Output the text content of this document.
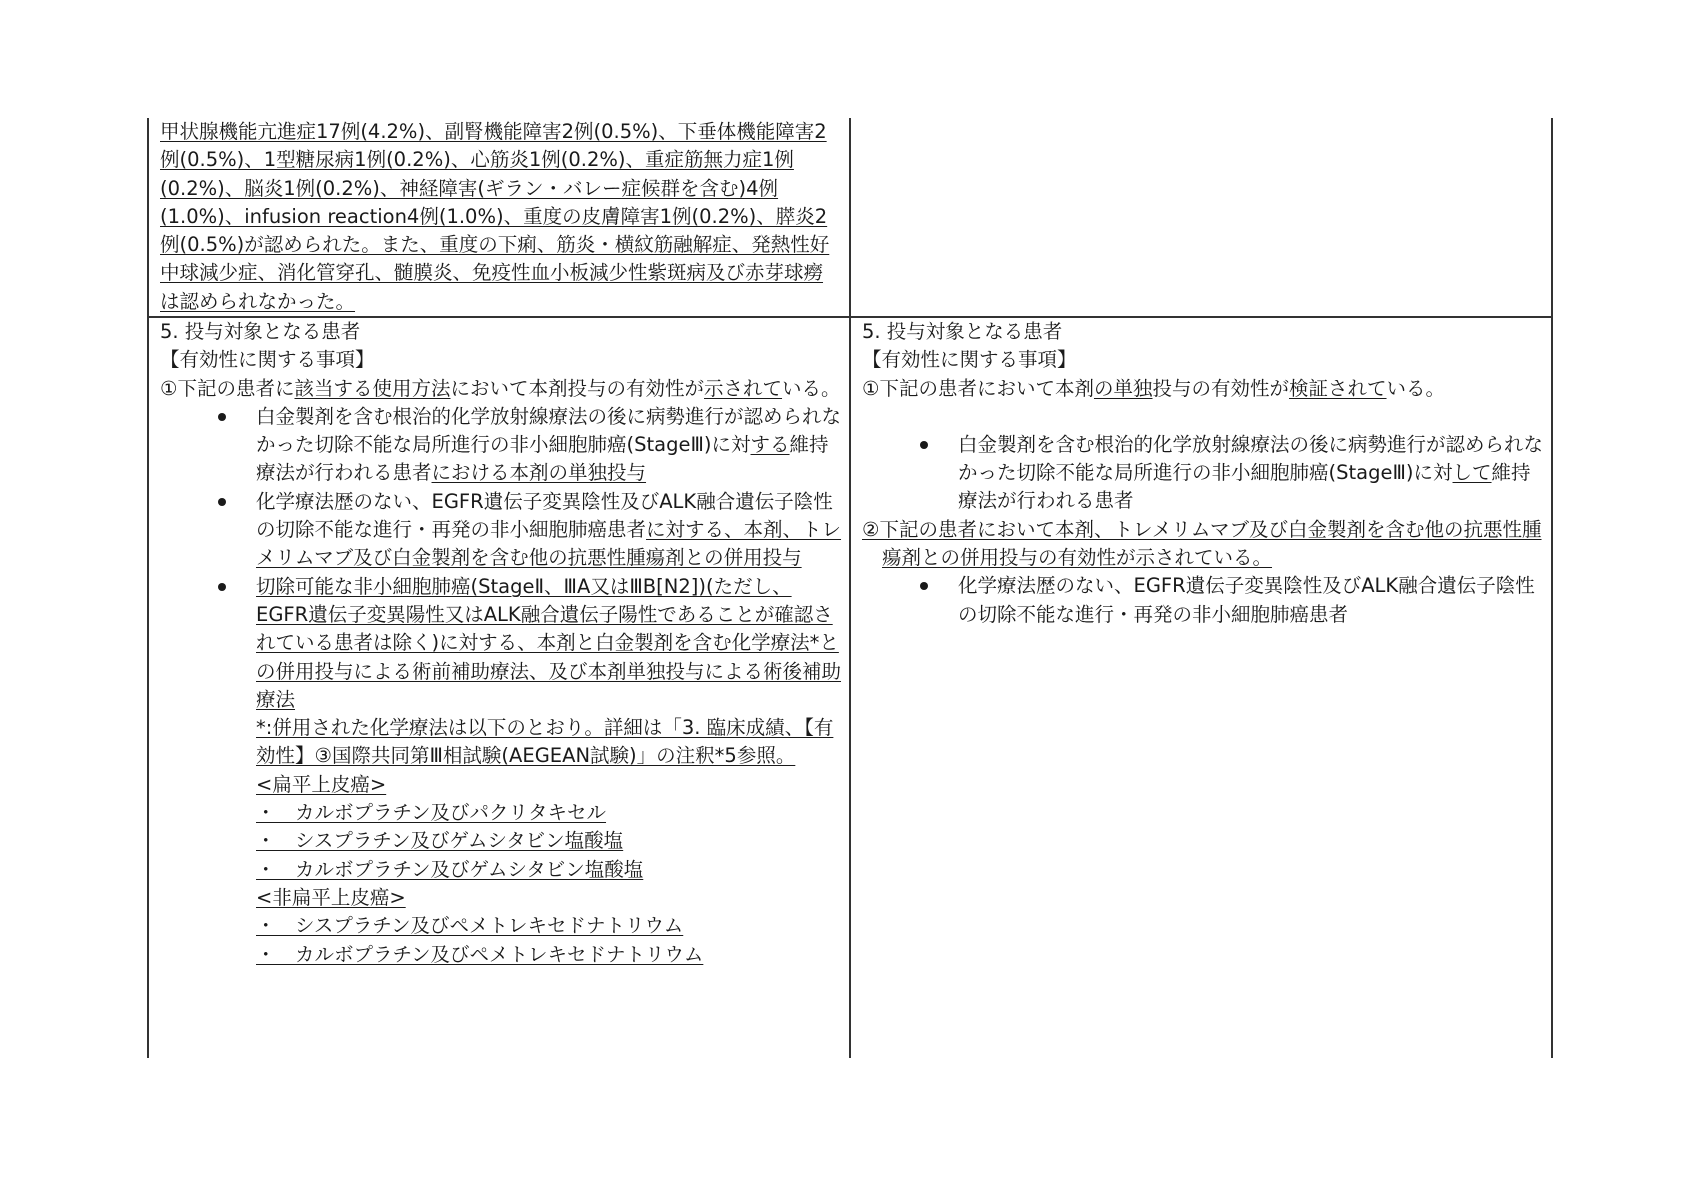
甲状腺機能亢進症17例(4.2%)、副腎機能障害2例(0.5%)、下垂体機能障害2例(0.5%)、1型糖尿病1例(0.2%)、心筋炎1例(0.2%)、重症筋無力症1例(0.2%)、脳炎1例(0.2%)、神経障害(ギラン・バレー症候群を含む)4例(1.0%)、infusion reaction4例(1.0%)、重度の皮膚障害1例(0.2%)、膵炎2例(0.5%)が認められた。また、重度の下痢、筋炎・横紋筋融解症、発熱性好中球減少症、消化管穿孔、髄膜炎、免疫性血小板減少性紫斑病及び赤芽球癆は認められなかった。

5. 投与対象となる患者

【有効性に関する事項】

①下記の患者に該当する使用方法において本剤投与の有効性が示されている。

白金製剤を含む根治的化学放射線療法の後に病勢進行が認められなかった切除不能な局所進行の非小細胞肺癌(StageⅢ)に対する維持療法が行われる患者における本剤の単独投与

化学療法歴のない、EGFR遺伝子変異陰性及びALK融合遺伝子陰性の切除不能な進行・再発の非小細胞肺癌患者に対する、本剤、トレメリムマブ及び白金製剤を含む他の抗悪性腫瘍剤との併用投与

切除可能な非小細胞肺癌(StageⅡ、ⅢA又はⅢB[N2])(ただし、EGFR遺伝子変異陽性又はALK融合遺伝子陽性であることが確認されている患者は除く)に対する、本剤と白金製剤を含む化学療法*との併用投与による術前補助療法、及び本剤単独投与による術後補助療法

*:併用された化学療法は以下のとおり。詳細は「3. 臨床成績、【有効性】③国際共同第Ⅲ相試験(AEGEAN試験)」の注釈*5参照。

<扁平上皮癌>

・　カルボプラチン及びパクリタキセル

・　シスプラチン及びゲムシタビン塩酸塩

・　カルボプラチン及びゲムシタビン塩酸塩

<非扁平上皮癌>

・　シスプラチン及びペメトレキセドナトリウム

・　カルボプラチン及びペメトレキセドナトリウム

5. 投与対象となる患者

【有効性に関する事項】

①下記の患者において本剤の単独投与の有効性が検証されている。

白金製剤を含む根治的化学放射線療法の後に病勢進行が認められなかった切除不能な局所進行の非小細胞肺癌(StageⅢ)に対して維持療法が行われる患者

②下記の患者において本剤、トレメリムマブ及び白金製剤を含む他の抗悪性腫瘍剤との併用投与の有効性が示されている。

化学療法歴のない、EGFR遺伝子変異陰性及びALK融合遺伝子陰性の切除不能な進行・再発の非小細胞肺癌患者
